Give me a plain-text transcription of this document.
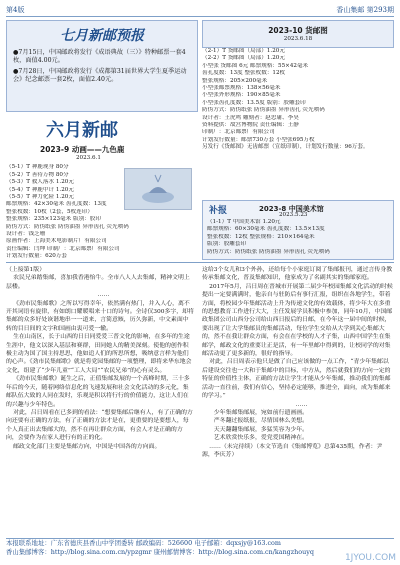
第4版	香山集邮 第293期
七月新邮预报
●7月15日，中国邮政将发行《成语典故（三）》特种邮票一套4枚，面值4.00元。
●7月28日，中国邮政将发行《成都第31届世界大学生夏季运动会》纪念邮票一套2枚，面值2.40元。
六月新邮
2023-9 动画——九色鹿
2023.6.1
（5-1）T 神鹿现身 80分
（5-2）T 善待万物 80分
（5-3）T 救人落水 1.20元
（5-4）T 神鹿中计 1.20元
（5-5）T 神力化险 1.20元
邮票规格：42×30毫米 齿孔度数：13度
整张枚数：10枚（2套，5枚连印）
整张规格：235×123毫米 版别：胶印
防伪方式：防伪纸张 防伪油墨 异形齿孔 荧光喷码
设计者：钱芝珊
原画作者：上海美术电影制片厂有限公司
责任编辑：闫坤 印制厂：北京邮票厂有限公司
计划发行数量：620万套
2023-10 货邮图
2023.6.18
（2-1）T 货邮图（局部）1.20元
（2-2）T 货邮图（局部）1.20元
小型张 货邮图 6元 邮票规格：55×42毫米
齿孔度数：13度 整张枚数：12枚
整张规格：205×200毫米
小型张邮票规格：138×56毫米
小型张外形规格：190×85毫米
小型张齿孔度数：13.5度 版别：胶雕套印
防伪方式：防伪纸张 防伪油墨 异形齿孔 荧光喷码
设计者：王虎鸣 雕刻者：赵忠庸、李昊
资料提供：故宫博物院 责任编辑：王静
印制厂：北京邮票厂有限公司
计划发行数量：邮票730万套 小型张695万枚
另发行《货邮图》无齿邮票（宣纸印制），计划发行数量：96万套。
补报	2023-8 中国美术馆
2023.5.23
（1-1）T 中国美术馆 1.20元
邮票规格：60×30毫米 齿孔度数：13.5×13度
整张枚数：12枚 整张规格：210×164毫米
版别：胶雕套印
防伪方式：防伪纸张 防伪油墨 异形齿孔 荧光喷码

（上接第1版）

农民兄弟踏集邮，喜加我香港怡牛。全市八人人去集邮，精神文明上层楼。

……

《劲市民集邮歌》之所以写得幸年，依然满有热门，并入人心，离不开其词语有旋律，有如朗口耀暖唱来十口的诗句。全诗仅300多字，却将集邮的众多好处诙谐地串一一道来，言简意赅，历久弥新，中文素面中转的目日间的文字和国画由衷可爱一辙。

生在山南区，长于山西的日日同爱爱三普文化的影响，在多年的生途生涯中，他文以深入基层和赛群，田同她人的精美深刻。使他的创作积极主动为国了国主持思思，他如追人们的所思所想，吸纳意言样为他们的心声。《劲市民集邮歌》就是将党园集邮的一项整理，即将来华东地会文化，组建了“少年儿童”“工人大局”“农民兄弟”的心有灵么。

《劲市民集邮歌》诞生之后，正值集邮发展的一个高峰时期，三十多年后的今天，随着网络信息化的飞速发展和社会文化活动的多元化，集邮队伍大致的人同在发时，乐观是积以将行行的价值能力，这让人们在的兴趣与少年特色。

对此，吕日周看在已多到的看法：“想要集邮后继有人，有了正确的方向还要有正确的方法，有了正确的方法才是在，更重要的是要想人，每个人真正出去集邮大的，然不在再让群众方面，有会人才是正确的方向，会要作为在家人进行有的正的化。

邮政文化部门主要是集邮方向，中国是中国各的方向面。

这给3个女儿和3个外孙，还给每个小家庭订阅了集邮报刊，通过言传身教传承集邮文化，普及集邮知识，他家成为了名副其实的集邮家庭。

2017年5月，吕日周在晋城市开展第二届少年校园集邮文化活动的时候提出一定要满满时，他亲自与驻防后有事行汇报，组织在各地学生，带着方面，将校园少年集邮活动上升为传递文化的有效载体，将少年大在多重的思想教育工作进行大大，主任发展学员积极中参加，同年10月，中国邮政集团公司山西分公司给山西日报后的日邮，在今年这一届中间的时候，要出现了让大学集邮员的集邮活动，每位学生交给从大学到关心集邮大的，然不在我让群众方面，有会在在学校的人才子集，山西中国学生在集邮学，邮政文化的重要让正是活，有一年里邮中得到的，让校同学的对集邮活动更了更多新的，很好的指导。

对此，吕日周表示他只是做了自己应该做的一点工作，“青少年集邮以后建设交往也一大和于集邮中的目标，中方从，然后就我们的方向一定的特征的价值性主体，正确的方法让学生才能从少年集邮，推动我们的集邮活动一直往前，我们有信心，坚持必定能够，推进全，面向，成为集邮来的学习。”

……

少年集邮集邮展，宛如前行遗画画。

严冬翻过报纸报，尽情国林么美想。

天天翻翻集邮展，多猛笑容为少年。

艺术欣赏快乐多，爱党爱国精神在。

……（未完待续）（本文节选自《集邮博览》总第435期，作者：尹源，李庆芳）

本报联系地址：广东省德庆县香山中学团委转 邮政编码：526600 电子邮箱：dqxsjy@163.com
香山集邮博客：http://blog.sina.com.cn/ypzgmr 康州邮情博客：http://blog.sina.com.cn/kangzhouyq
1JYOU.COM
